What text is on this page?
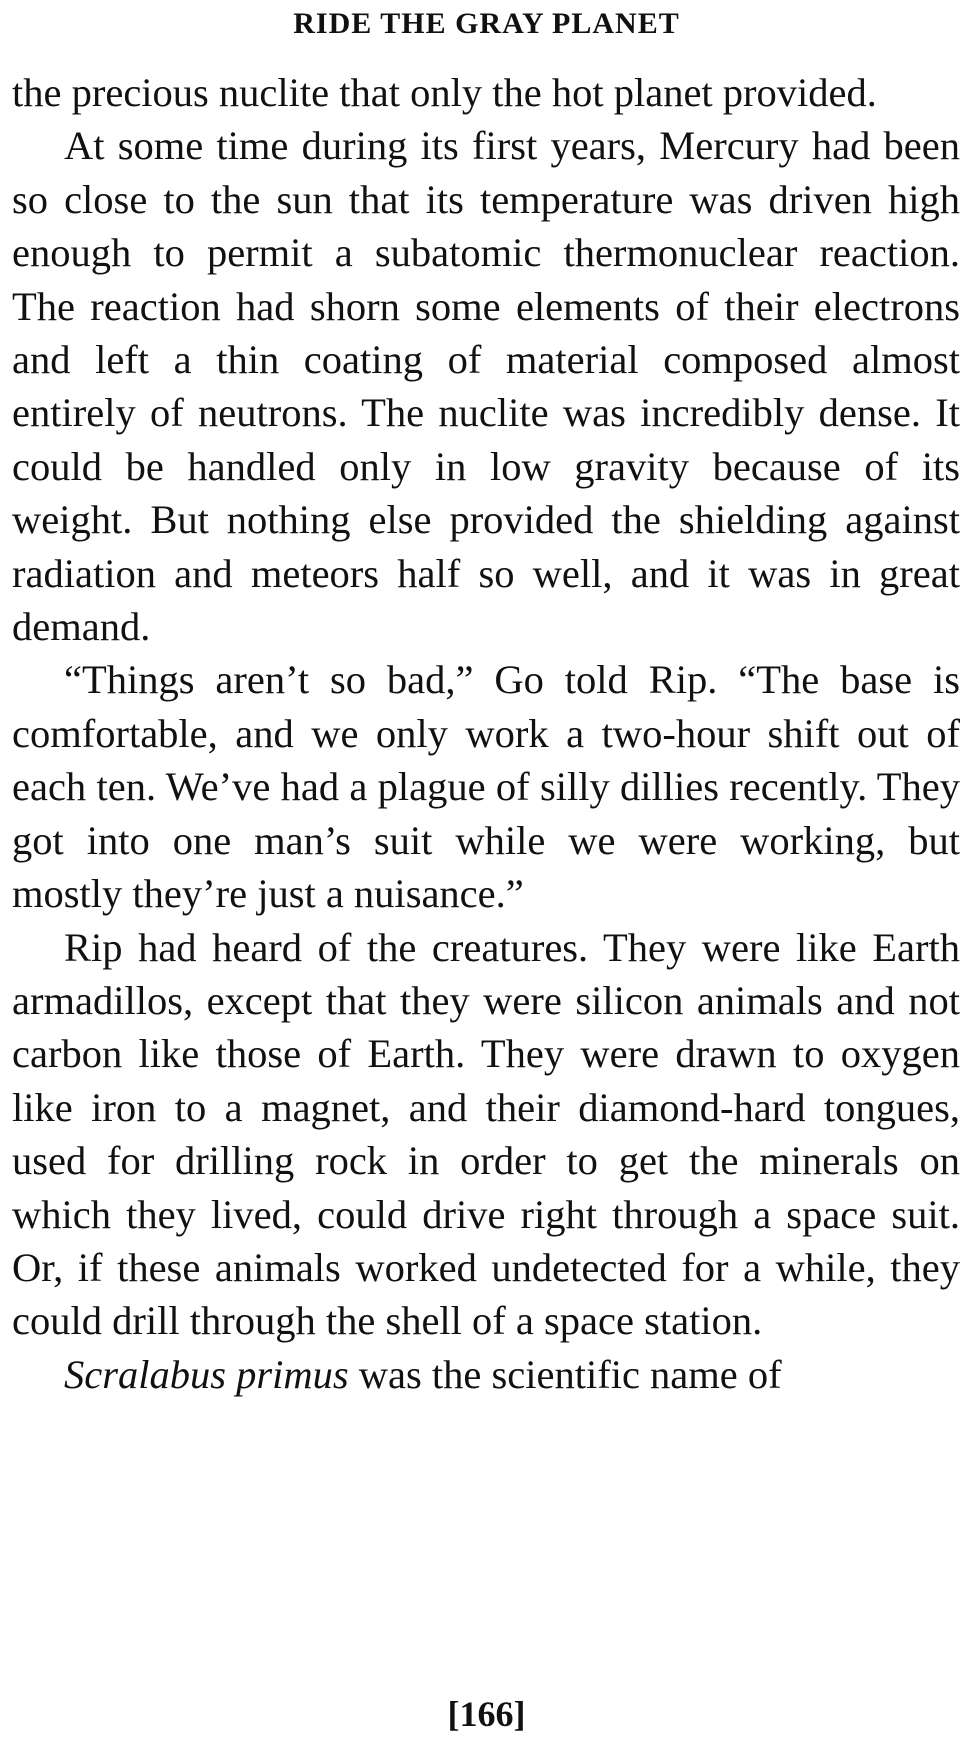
RIDE THE GRAY PLANET

the precious nuclite that only the hot planet provided.

At some time during its first years, Mercury had been so close to the sun that its temperature was driven high enough to permit a subatomic thermonuclear reaction. The reaction had shorn some elements of their electrons and left a thin coating of material composed almost entirely of neutrons. The nuclite was incredibly dense. It could be handled only in low gravity because of its weight. But nothing else provided the shielding against radiation and meteors half so well, and it was in great demand.

“Things aren’t so bad,” Go told Rip. “The base is comfortable, and we only work a two-hour shift out of each ten. We’ve had a plague of silly dillies recently. They got into one man’s suit while we were working, but mostly they’re just a nuisance.”

Rip had heard of the creatures. They were like Earth armadillos, except that they were silicon animals and not carbon like those of Earth. They were drawn to oxygen like iron to a magnet, and their diamond-hard tongues, used for drilling rock in order to get the minerals on which they lived, could drive right through a space suit. Or, if these animals worked undetected for a while, they could drill through the shell of a space station.

Scralabus primus was the scientific name of

[166]
